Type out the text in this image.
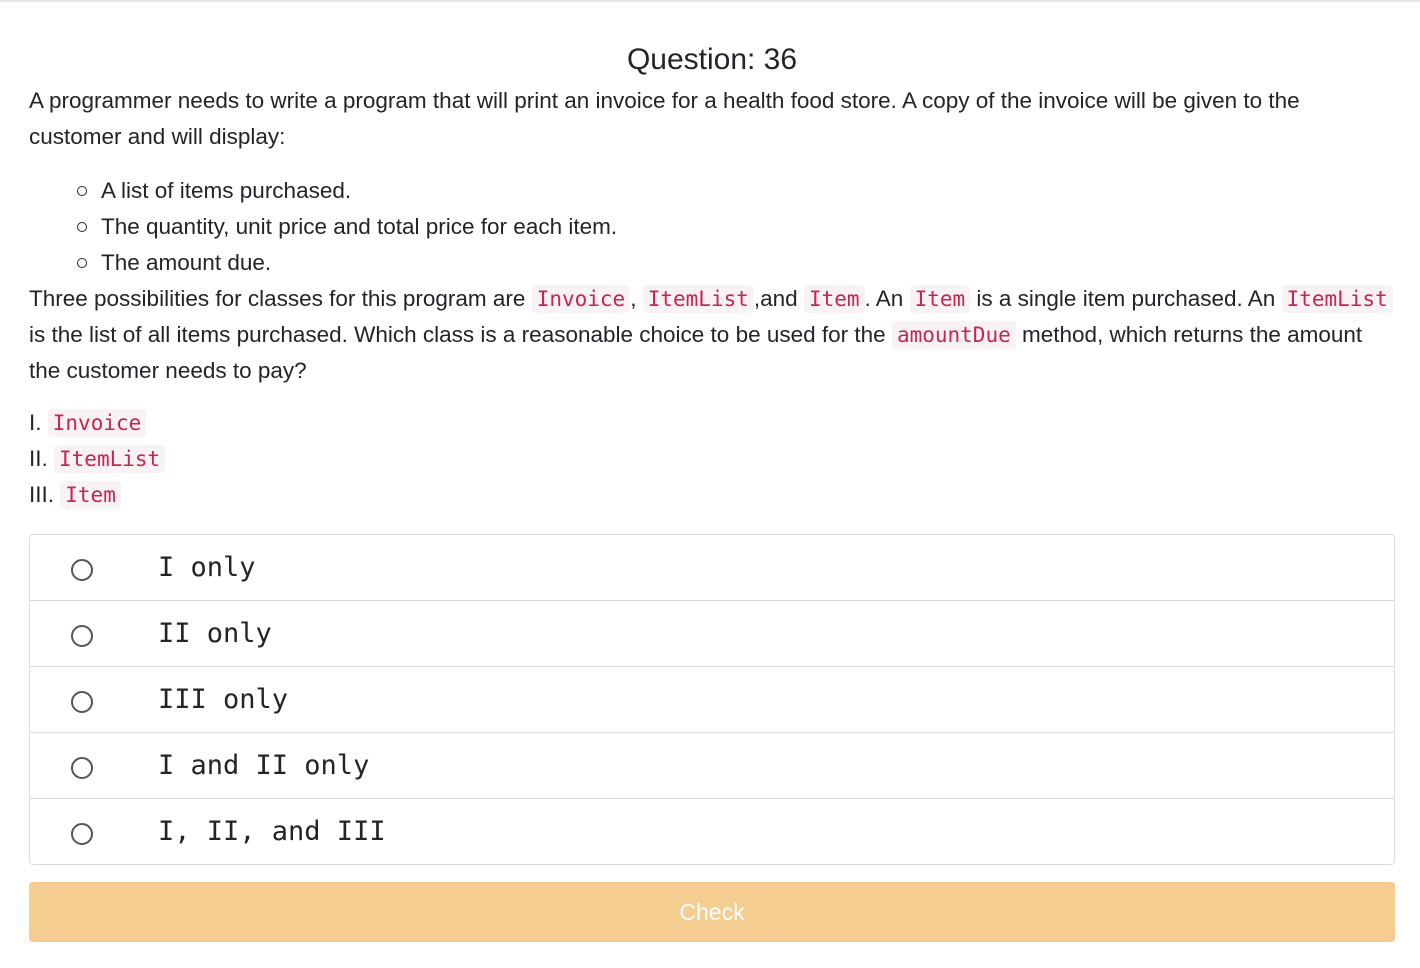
Question: 36

A programmer needs to write a program that will print an invoice for a health food store. A copy of the invoice will be given to the customer and will display:

A list of items purchased.
The quantity, unit price and total price for each item.
The amount due.

Three possibilities for classes for this program are Invoice , ItemList ,and Item . An Item is a single item purchased. An ItemList is the list of all items purchased. Which class is a reasonable choice to be used for the amountDue method, which returns the amount the customer needs to pay?

I. Invoice
II. ItemList
III. Item
I only
II only
III only
I and II only
I, II, and III
Check
